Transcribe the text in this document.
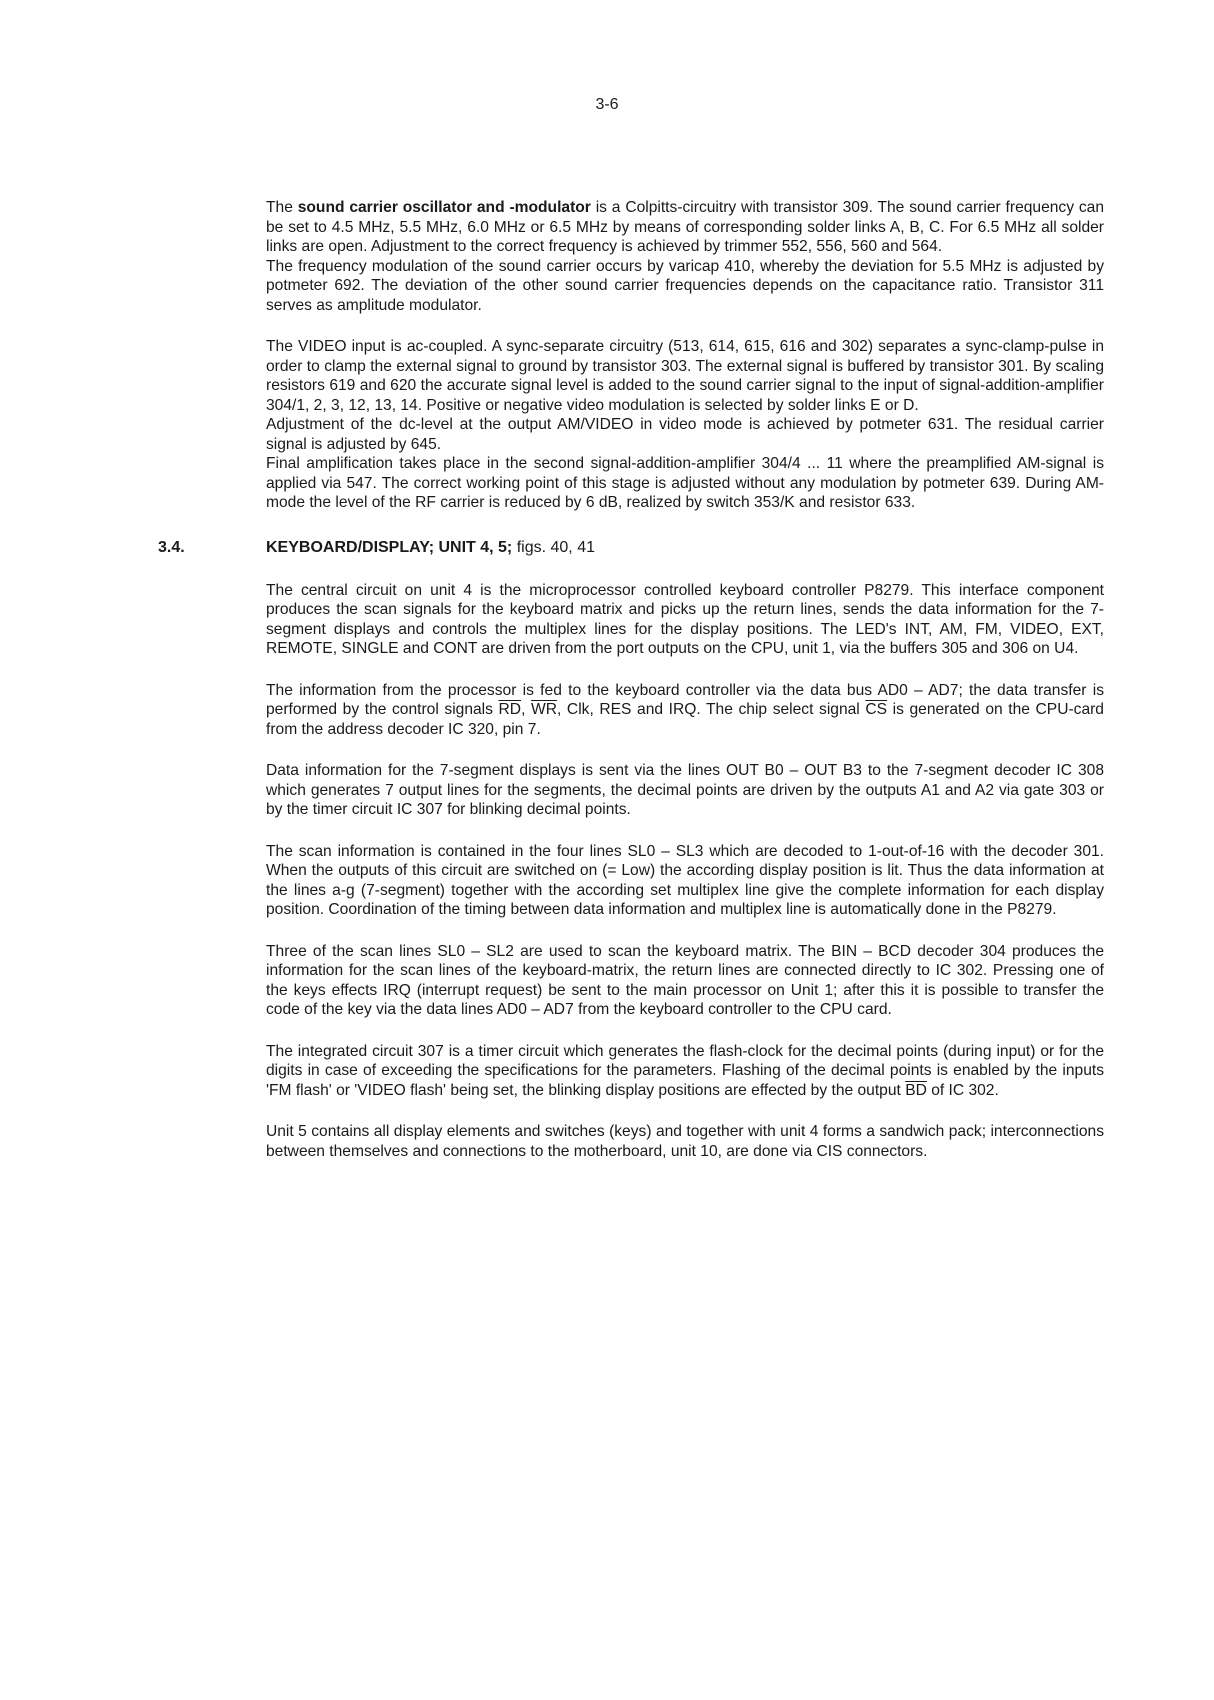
3-6

The sound carrier oscillator and -modulator is a Colpitts-circuitry with transistor 309. The sound carrier frequency can be set to 4.5 MHz, 5.5 MHz, 6.0 MHz or 6.5 MHz by means of corresponding solder links A, B, C. For 6.5 MHz all solder links are open. Adjustment to the correct frequency is achieved by trimmer 552, 556, 560 and 564.

The frequency modulation of the sound carrier occurs by varicap 410, whereby the deviation for 5.5 MHz is adjusted by potmeter 692. The deviation of the other sound carrier frequencies depends on the capacitance ratio. Transistor 311 serves as amplitude modulator.

The VIDEO input is ac-coupled. A sync-separate circuitry (513, 614, 615, 616 and 302) separates a sync-clamp-pulse in order to clamp the external signal to ground by transistor 303. The external signal is buffered by transistor 301. By scaling resistors 619 and 620 the accurate signal level is added to the sound carrier signal to the input of signal-addition-amplifier 304/1, 2, 3, 12, 13, 14. Positive or negative video modulation is selected by solder links E or D.

Adjustment of the dc-level at the output AM/VIDEO in video mode is achieved by potmeter 631. The residual carrier signal is adjusted by 645.

Final amplification takes place in the second signal-addition-amplifier 304/4 ... 11 where the preamplified AM-signal is applied via 547. The correct working point of this stage is adjusted without any modulation by potmeter 639. During AM-mode the level of the RF carrier is reduced by 6 dB, realized by switch 353/K and resistor 633.

3.4.	KEYBOARD/DISPLAY; UNIT 4, 5; figs. 40, 41

The central circuit on unit 4 is the microprocessor controlled keyboard controller P8279. This interface component produces the scan signals for the keyboard matrix and picks up the return lines, sends the data information for the 7-segment displays and controls the multiplex lines for the display positions. The LED's INT, AM, FM, VIDEO, EXT, REMOTE, SINGLE and CONT are driven from the port outputs on the CPU, unit 1, via the buffers 305 and 306 on U4.

The information from the processor is fed to the keyboard controller via the data bus AD0 – AD7; the data transfer is performed by the control signals $\overline{RD}$, $\overline{WR}$, Clk, RES and IRQ. The chip select signal $\overline{CS}$ is generated on the CPU-card from the address decoder IC 320, pin 7.

Data information for the 7-segment displays is sent via the lines OUT B0 – OUT B3 to the 7-segment decoder IC 308 which generates 7 output lines for the segments, the decimal points are driven by the outputs A1 and A2 via gate 303 or by the timer circuit IC 307 for blinking decimal points.

The scan information is contained in the four lines SL0 – SL3 which are decoded to 1-out-of-16 with the decoder 301. When the outputs of this circuit are switched on (= Low) the according display position is lit. Thus the data information at the lines a-g (7-segment) together with the according set multiplex line give the complete information for each display position. Coordination of the timing between data information and multiplex line is automatically done in the P8279.

Three of the scan lines SL0 – SL2 are used to scan the keyboard matrix. The BIN – BCD decoder 304 produces the information for the scan lines of the keyboard-matrix, the return lines are connected directly to IC 302. Pressing one of the keys effects IRQ (interrupt request) be sent to the main processor on Unit 1; after this it is possible to transfer the code of the key via the data lines AD0 – AD7 from the keyboard controller to the CPU card.

The integrated circuit 307 is a timer circuit which generates the flash-clock for the decimal points (during input) or for the digits in case of exceeding the specifications for the parameters. Flashing of the decimal points is enabled by the inputs 'FM flash' or 'VIDEO flash' being set, the blinking display positions are effected by the output $\overline{BD}$ of IC 302.

Unit 5 contains all display elements and switches (keys) and together with unit 4 forms a sandwich pack; interconnections between themselves and connections to the motherboard, unit 10, are done via CIS connectors.
